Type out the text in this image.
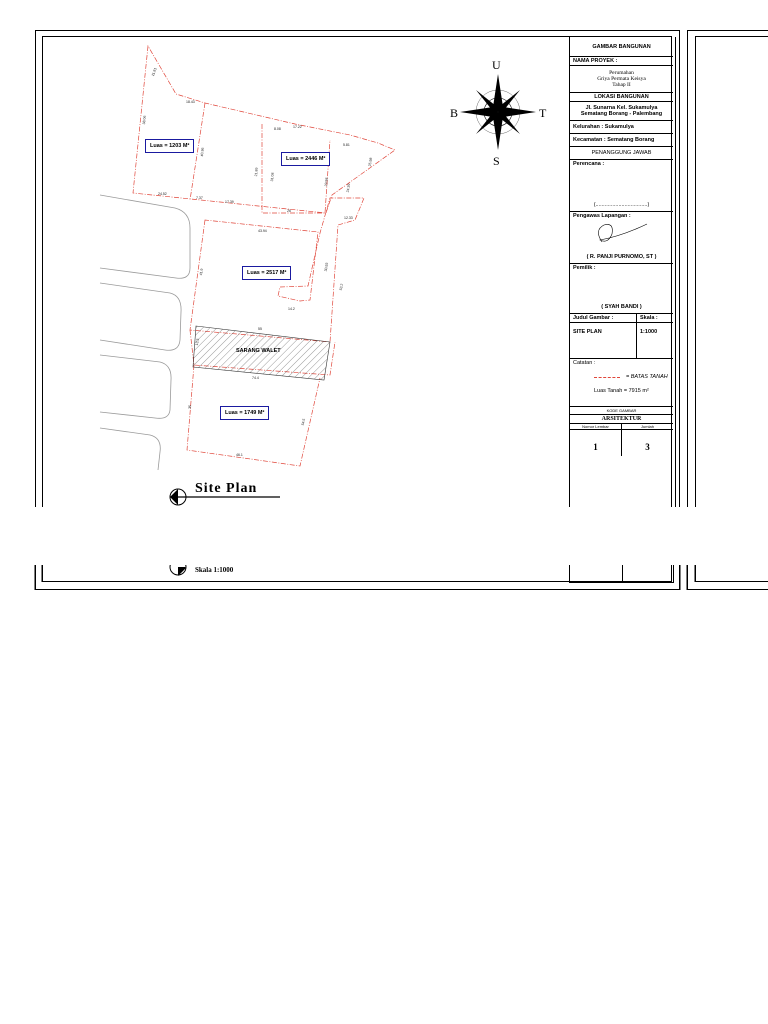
U
S
B	T
Luas = 1203 M²
Luas = 2446 M²
Luas = 2517 M²
Luas = 1749 M²
SARANG WALET
11.81
18.43
38.06
40.36
24.52
7.37
17.39
8.08	17.22
21.89
31.08
29.58
5.81
24.39
25.98
26
12.33
43.94
41.9
30.93
53.2
14.2
55
13.3
74.4
35
54.5
46.1
Site Plan
Skala 1:1000
GAMBAR BANGUNAN
NAMA PROYEK :
Perumahan
Griya Permata Keisya
Tahap II
LOKASI BANGUNAN
Jl. Sunarna Kel. Sukamulya
Sematang Borang - Palembang
Kelurahan : Sukamulya
Kecamatan : Sematang Borang
PENANGGUNG JAWAB
Perencana :
(..................................)
Pengawas Lapangan :
( R. PANJI PURNOMO, ST )
Pemilik :
( SYAH BANDI )
Judul Gambar :	Skala :
SITE PLAN	1:1000
Catatan :
= BATAS TANAH
Luas Tanah = 7915 m²
KODE GAMBAR
ARSITEKTUR
Nomor Lembar	Jumlah
1	3
